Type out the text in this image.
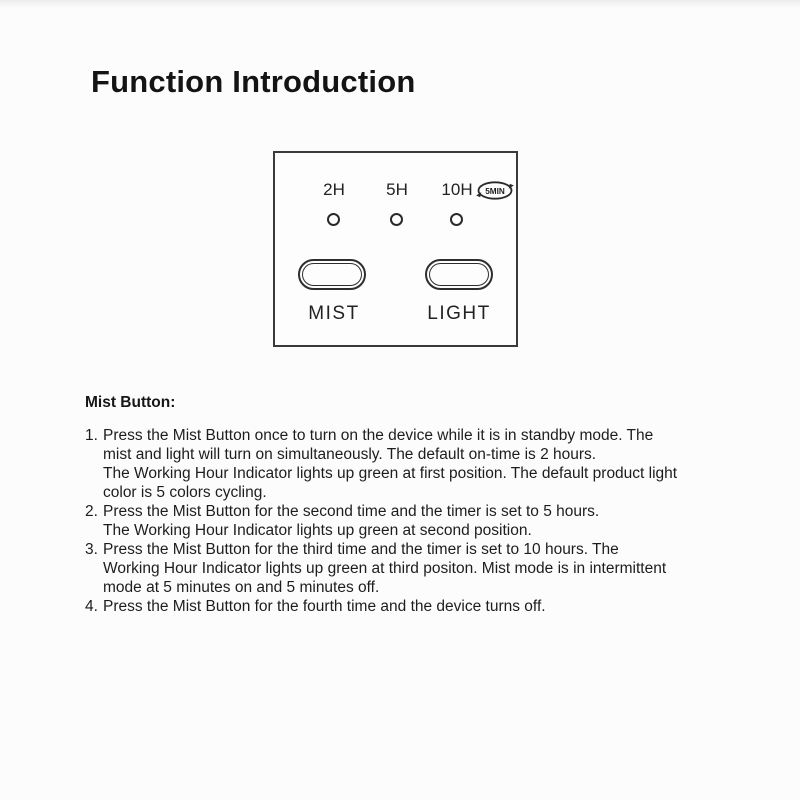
Function Introduction
2H	5H	10H	5MIN
MIST	LIGHT
Mist Button:
1. Press the Mist Button once to turn on the device while it is in standby mode. The
mist and light will turn on simultaneously. The default on-time is 2 hours.
The Working Hour Indicator lights up green at first position. The default product light
color is 5 colors cycling.
2. Press the Mist Button for the second time and the timer is set to 5 hours.
The Working Hour Indicator lights up green at second position.
3. Press the Mist Button for the third time and the timer is set to 10 hours. The
Working Hour Indicator lights up green at third positon. Mist mode is in intermittent
mode at 5 minutes on and 5 minutes off.
4. Press the Mist Button for the fourth time and the device turns off.
